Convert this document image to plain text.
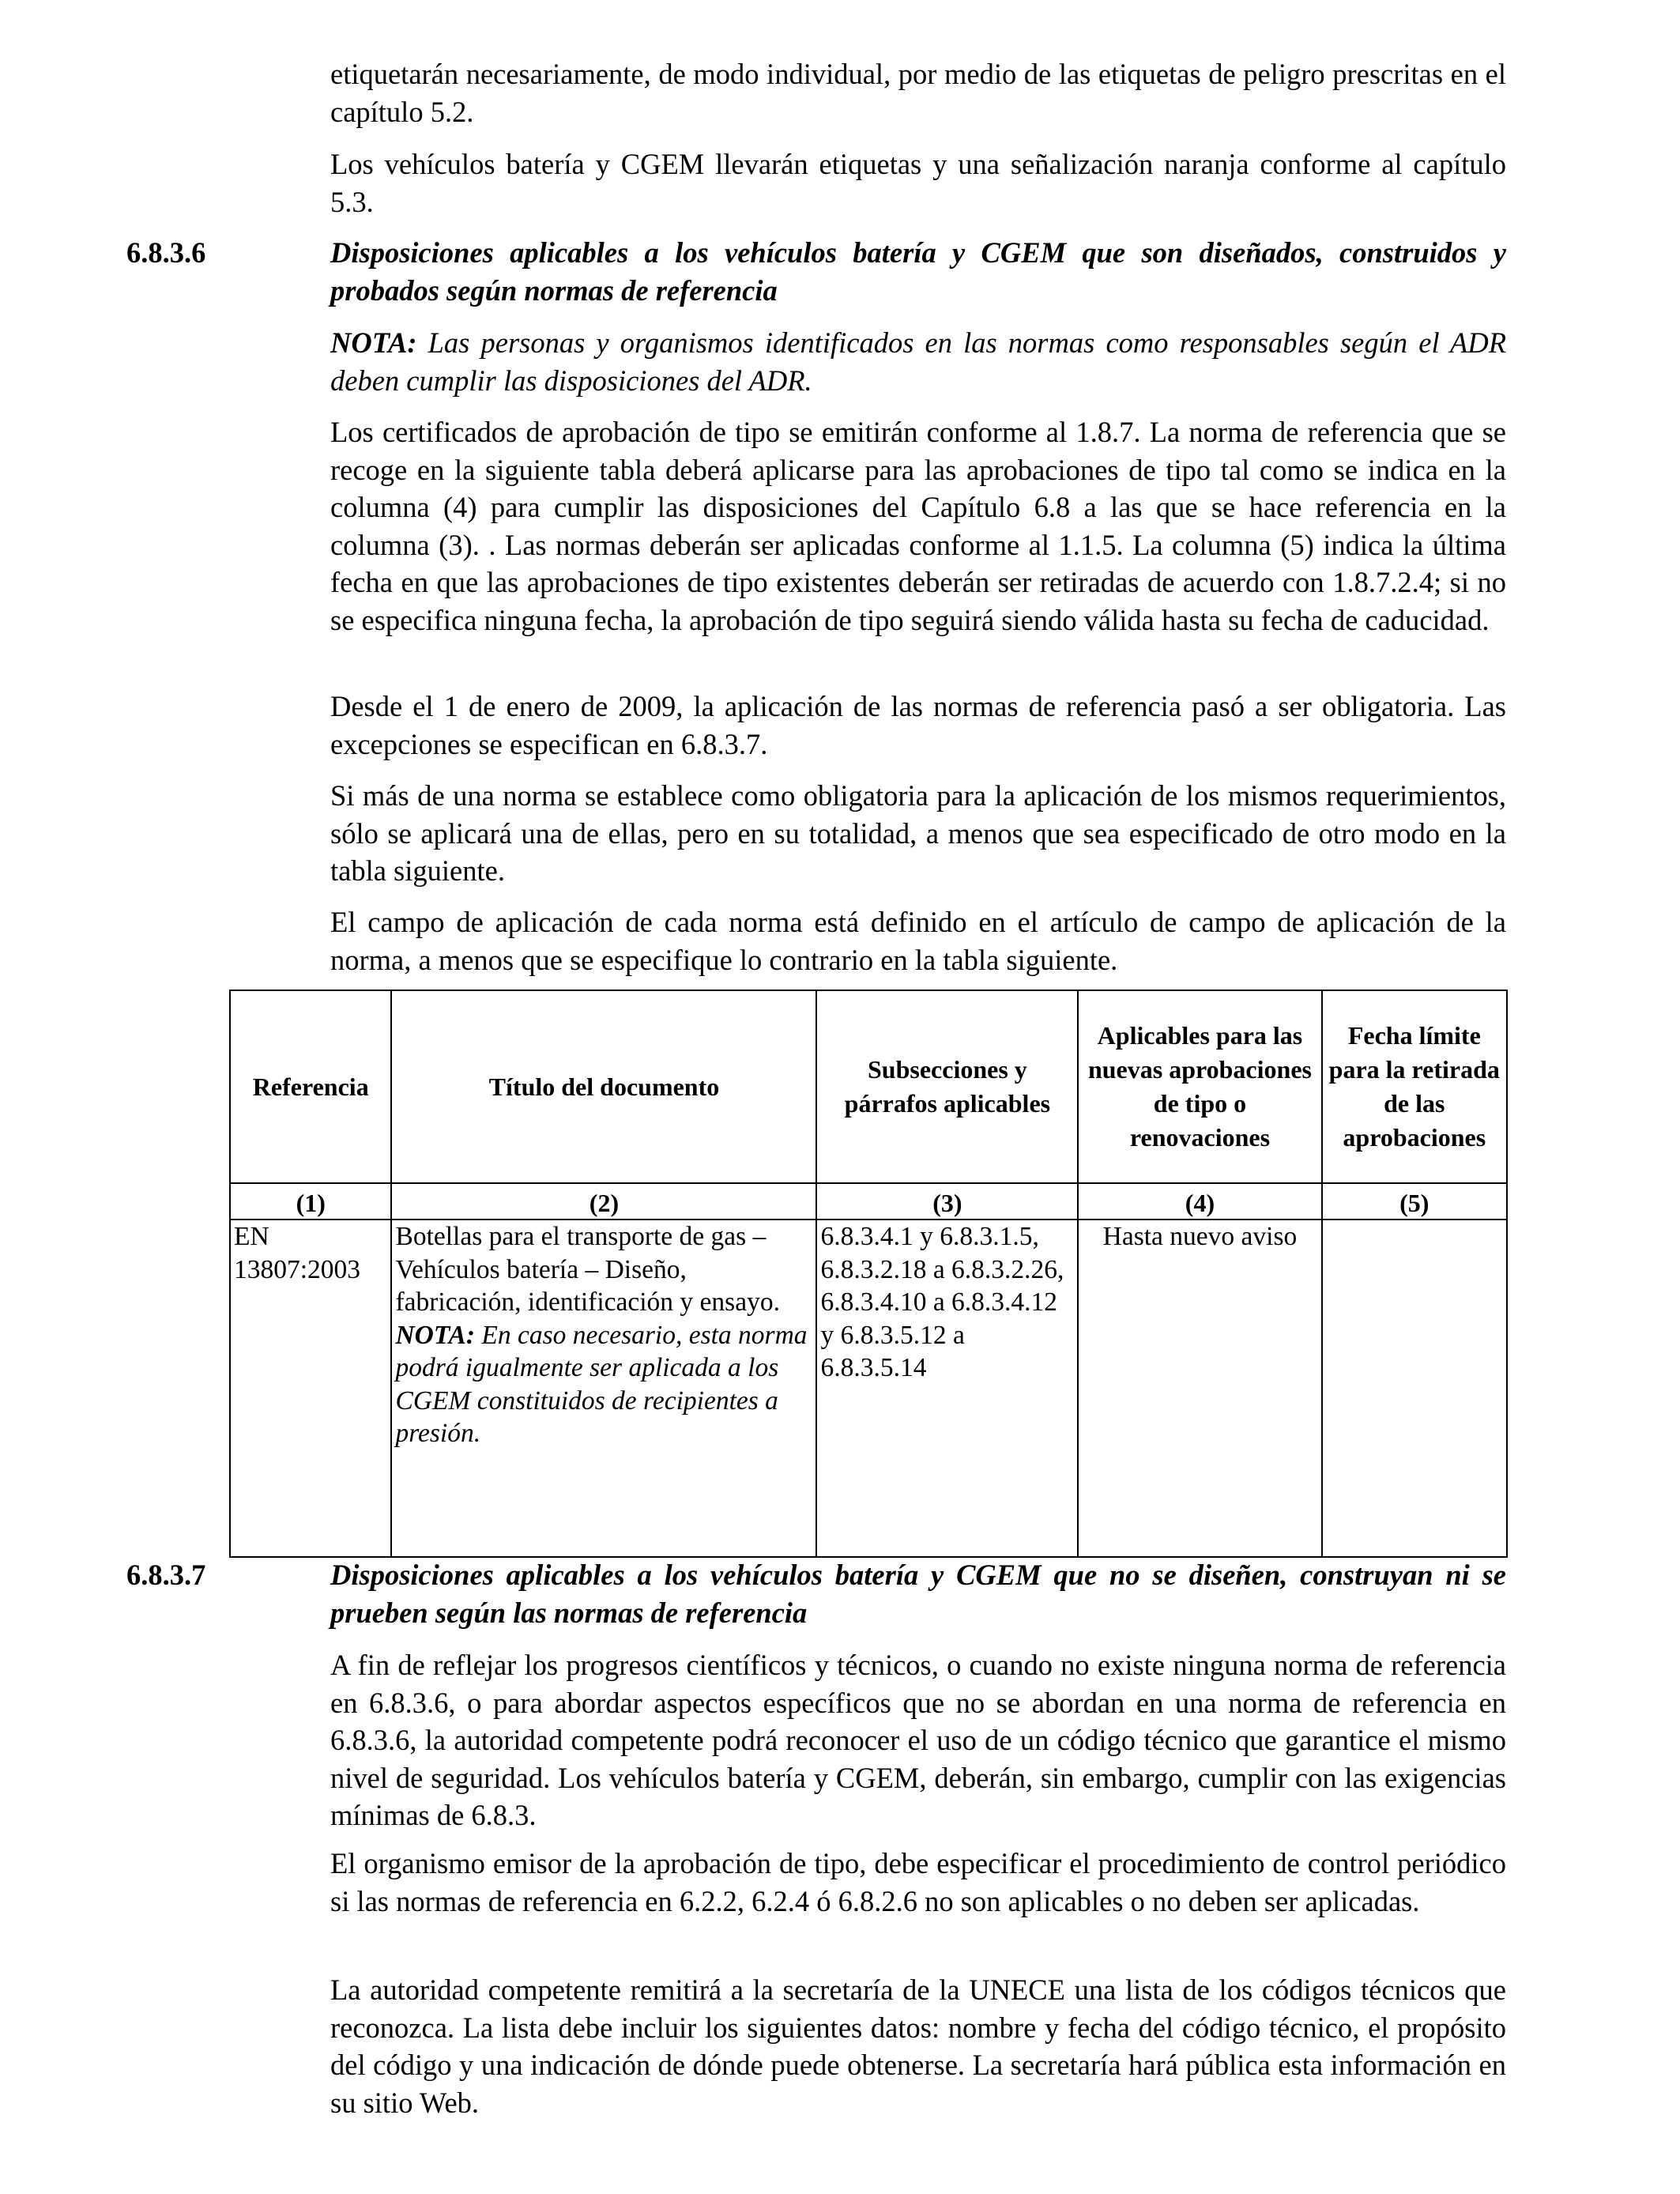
etiquetarán necesariamente, de modo individual, por medio de las etiquetas de peligro prescritas en el capítulo 5.2.

Los vehículos batería y CGEM llevarán etiquetas y una señalización naranja conforme al capítulo 5.3.

6.8.3.6	Disposiciones aplicables a los vehículos batería y CGEM que son diseñados, construidos y probados según normas de referencia

NOTA: Las personas y organismos identificados en las normas como responsables según el ADR deben cumplir las disposiciones del ADR.

Los certificados de aprobación de tipo se emitirán conforme al 1.8.7. La norma de referencia que se recoge en la siguiente tabla deberá aplicarse para las aprobaciones de tipo tal como se indica en la columna (4) para cumplir las disposiciones del Capítulo 6.8 a las que se hace referencia en la columna (3). . Las normas deberán ser aplicadas conforme al 1.1.5. La columna (5) indica la última fecha en que las aprobaciones de tipo existentes deberán ser retiradas de acuerdo con 1.8.7.2.4; si no se especifica ninguna fecha, la aprobación de tipo seguirá siendo válida hasta su fecha de caducidad.

Desde el 1 de enero de 2009, la aplicación de las normas de referencia pasó a ser obligatoria. Las excepciones se especifican en 6.8.3.7.

Si más de una norma se establece como obligatoria para la aplicación de los mismos requerimientos, sólo se aplicará una de ellas, pero en su totalidad, a menos que sea especificado de otro modo en la tabla siguiente.

El campo de aplicación de cada norma está definido en el artículo de campo de aplicación de la norma, a menos que se especifique lo contrario en la tabla siguiente.

Referencia	Título del documento	Subsecciones y párrafos aplicables	Aplicables para las nuevas aprobaciones de tipo o renovaciones	Fecha límite para la retirada de las aprobaciones
(1)	(2)	(3)	(4)	(5)
EN 13807:2003	Botellas para el transporte de gas – Vehículos batería – Diseño, fabricación, identificación y ensayo. NOTA: En caso necesario, esta norma podrá igualmente ser aplicada a los CGEM constituidos de recipientes a presión.	6.8.3.4.1 y 6.8.3.1.5, 6.8.3.2.18 a 6.8.3.2.26, 6.8.3.4.10 a 6.8.3.4.12 y 6.8.3.5.12 a 6.8.3.5.14	Hasta nuevo aviso	
6.8.3.7	Disposiciones aplicables a los vehículos batería y CGEM que no se diseñen, construyan ni se prueben según las normas de referencia

A fin de reflejar los progresos científicos y técnicos, o cuando no existe ninguna norma de referencia en 6.8.3.6, o para abordar aspectos específicos que no se abordan en una norma de referencia en 6.8.3.6, la autoridad competente podrá reconocer el uso de un código técnico que garantice el mismo nivel de seguridad. Los vehículos batería y CGEM, deberán, sin embargo, cumplir con las exigencias mínimas de 6.8.3.

El organismo emisor de la aprobación de tipo, debe especificar el procedimiento de control periódico si las normas de referencia en 6.2.2, 6.2.4 ó 6.8.2.6 no son aplicables o no deben ser aplicadas.

La autoridad competente remitirá a la secretaría de la UNECE una lista de los códigos técnicos que reconozca. La lista debe incluir los siguientes datos: nombre y fecha del código técnico, el propósito del código y una indicación de dónde puede obtenerse. La secretaría hará pública esta información en su sitio Web.
